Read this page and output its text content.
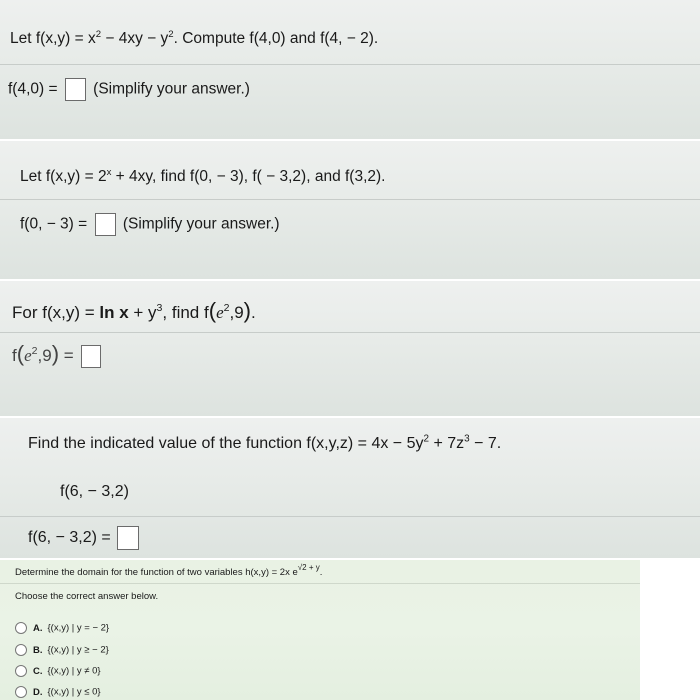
Let $f(x,y) = x^2 - 4xy - y^2$. Compute f(4,0) and f(4, − 2).
f(4,0) = (Simplify your answer.)
Let $f(x,y) = 2^x + 4xy$, find f(0, − 3), f( − 3,2), and f(3,2).
f(0, − 3) = (Simplify your answer.)
For $f(x,y) = \ln x + y^3$, find $f(e^2,9)$.
$f(e^2,9)$ =
Find the indicated value of the function $f(x,y,z) = 4x - 5y^2 + 7z^3 - 7$.
f(6, − 3,2)
f(6, − 3,2) =
Determine the domain for the function of two variables h(x,y) = 2x $e^{√2 + y}$.
Choose the correct answer below.
A. {(x,y) | y = − 2}
B. {(x,y) | y ≥ − 2}
C. {(x,y) | y ≠ 0}
D. {(x,y) | y ≤ 0}
